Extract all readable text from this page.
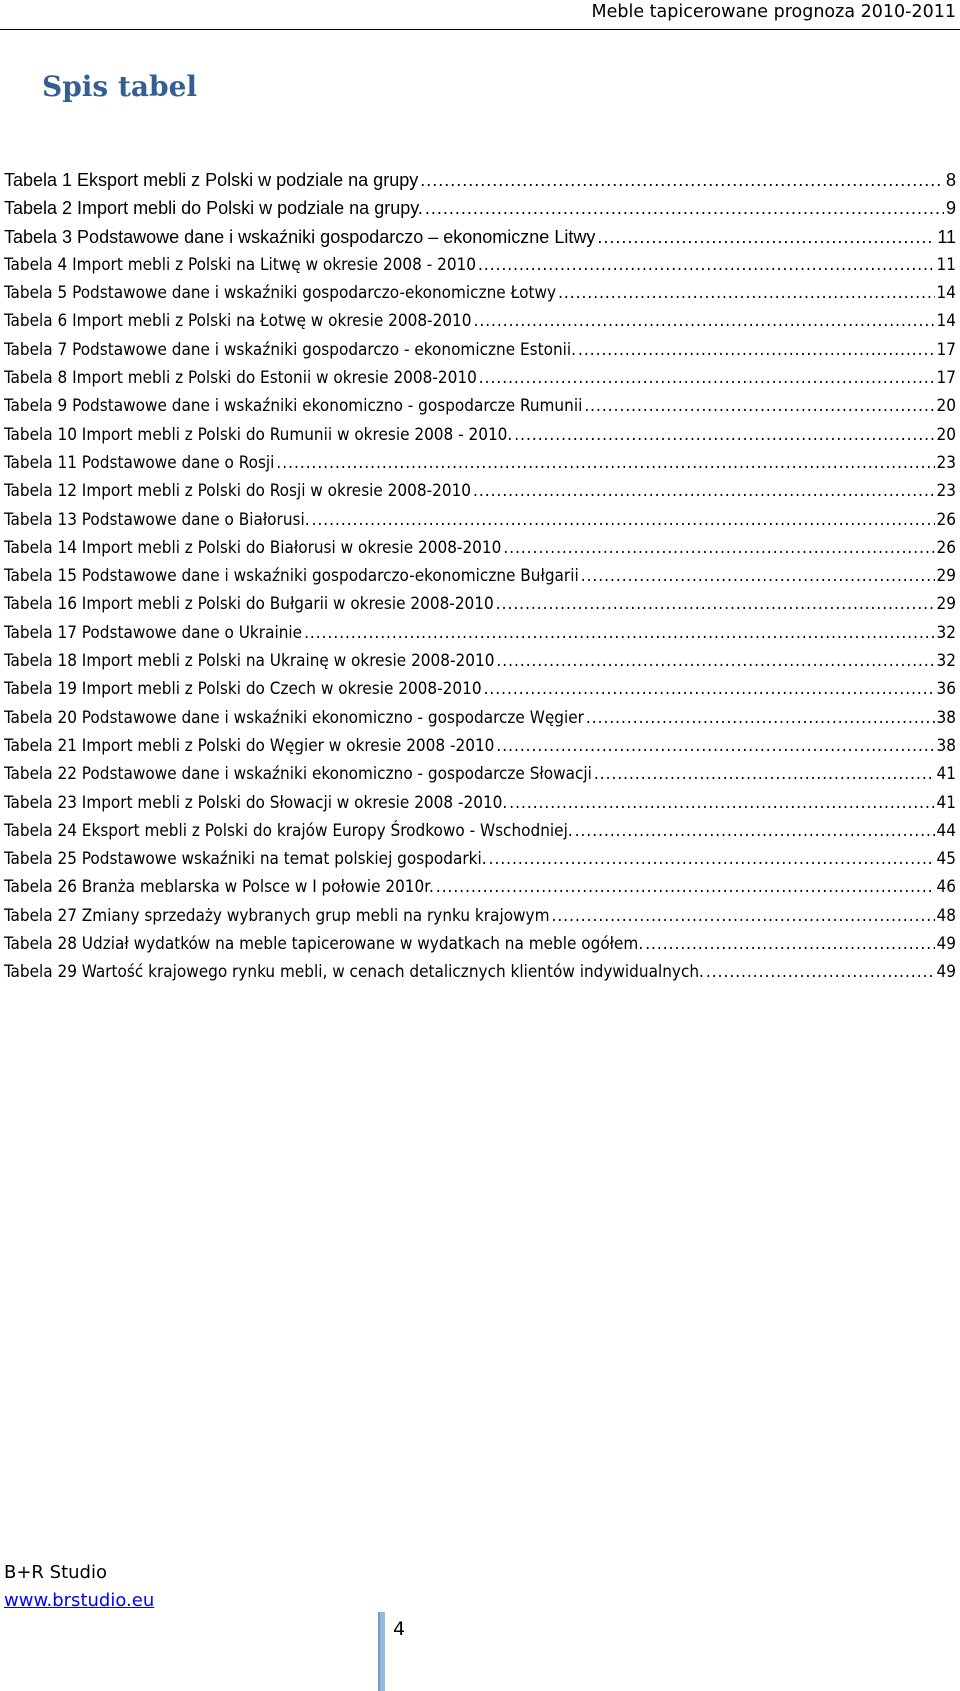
Meble tapicerowane prognoza 2010-2011
Spis tabel
Tabela 1 Eksport mebli z Polski w podziale na grupy .....	8
Tabela 2 Import mebli do Polski w podziale na grupy. .....	9
Tabela 3 Podstawowe dane i wskaźniki gospodarczo – ekonomiczne Litwy .....	11
Tabela 4 Import mebli z Polski na Litwę w okresie 2008 - 2010 .....	11
Tabela 5 Podstawowe dane i wskaźniki gospodarczo-ekonomiczne Łotwy .....	14
Tabela 6 Import mebli z Polski na Łotwę w okresie 2008-2010 .....	14
Tabela 7 Podstawowe dane i wskaźniki gospodarczo - ekonomiczne Estonii. .....	17
Tabela 8 Import mebli z Polski do Estonii w okresie 2008-2010 .....	17
Tabela 9 Podstawowe dane i wskaźniki ekonomiczno - gospodarcze Rumunii .....	20
Tabela 10 Import mebli z Polski do Rumunii w okresie 2008 - 2010. .....	20
Tabela 11 Podstawowe dane o Rosji .....	23
Tabela 12 Import mebli z Polski do Rosji w okresie 2008-2010 .....	23
Tabela 13 Podstawowe dane o Białorusi. .....	26
Tabela 14 Import mebli z Polski do Białorusi w okresie 2008-2010 .....	26
Tabela 15 Podstawowe dane i wskaźniki gospodarczo-ekonomiczne Bułgarii .....	29
Tabela 16 Import mebli z Polski do Bułgarii w okresie 2008-2010 .....	29
Tabela 17 Podstawowe dane o Ukrainie .....	32
Tabela 18 Import mebli z Polski na Ukrainę w okresie 2008-2010 .....	32
Tabela 19 Import mebli z Polski do Czech w okresie 2008-2010 .....	36
Tabela 20 Podstawowe dane i wskaźniki ekonomiczno - gospodarcze Węgier .....	38
Tabela 21 Import mebli z Polski do Węgier w okresie 2008 -2010 .....	38
Tabela 22 Podstawowe dane i wskaźniki ekonomiczno - gospodarcze Słowacji .....	41
Tabela 23 Import mebli z Polski do Słowacji w okresie 2008 -2010. .....	41
Tabela 24 Eksport mebli z Polski do krajów Europy Środkowo - Wschodniej. .....	44
Tabela 25 Podstawowe wskaźniki na temat polskiej gospodarki. .....	45
Tabela 26 Branża meblarska w Polsce w I połowie 2010r. .....	46
Tabela 27 Zmiany sprzedaży wybranych grup mebli na rynku krajowym .....	48
Tabela 28 Udział wydatków na meble tapicerowane w wydatkach na meble ogółem. .....	49
Tabela 29 Wartość krajowego rynku mebli, w cenach detalicznych klientów indywidualnych. .....	49
B+R Studio
www.brstudio.eu
4
